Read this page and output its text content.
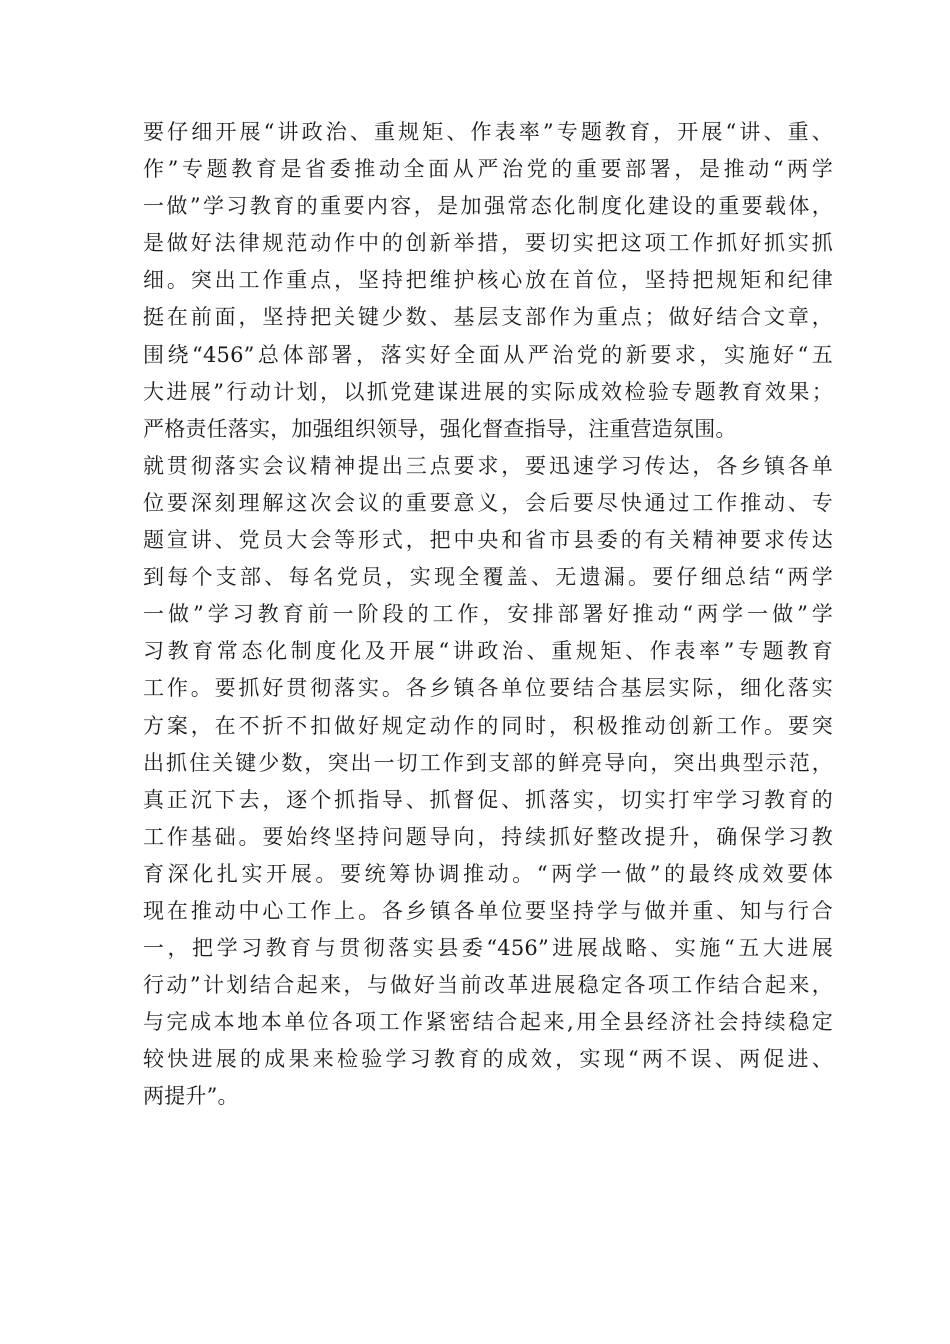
要仔细开展“讲政治、重规矩、作表率”专题教育，开展“讲、重、
作”专题教育是省委推动全面从严治党的重要部署，是推动“两学
一做”学习教育的重要内容，是加强常态化制度化建设的重要载体，
是做好法律规范动作中的创新举措，要切实把这项工作抓好抓实抓
细。突出工作重点，坚持把维护核心放在首位，坚持把规矩和纪律
挺在前面，坚持把关键少数、基层支部作为重点；做好结合文章，
围绕“456”总体部署，落实好全面从严治党的新要求，实施好“五
大进展”行动计划，以抓党建谋进展的实际成效检验专题教育效果；
严格责任落实，加强组织领导，强化督查指导，注重营造氛围。
就贯彻落实会议精神提出三点要求，要迅速学习传达，各乡镇各单
位要深刻理解这次会议的重要意义，会后要尽快通过工作推动、专
题宣讲、党员大会等形式，把中央和省市县委的有关精神要求传达
到每个支部、每名党员，实现全覆盖、无遗漏。要仔细总结“两学
一做”学习教育前一阶段的工作，安排部署好推动“两学一做”学
习教育常态化制度化及开展“讲政治、重规矩、作表率”专题教育
工作。要抓好贯彻落实。各乡镇各单位要结合基层实际，细化落实
方案，在不折不扣做好规定动作的同时，积极推动创新工作。要突
出抓住关键少数，突出一切工作到支部的鲜亮导向，突出典型示范，
真正沉下去，逐个抓指导、抓督促、抓落实，切实打牢学习教育的
工作基础。要始终坚持问题导向，持续抓好整改提升，确保学习教
育深化扎实开展。要统筹协调推动。“两学一做”的最终成效要体
现在推动中心工作上。各乡镇各单位要坚持学与做并重、知与行合
一，把学习教育与贯彻落实县委“456”进展战略、实施“五大进展
行动”计划结合起来，与做好当前改革进展稳定各项工作结合起来，
与完成本地本单位各项工作紧密结合起来,用全县经济社会持续稳定
较快进展的成果来检验学习教育的成效，实现“两不误、两促进、
两提升”。
